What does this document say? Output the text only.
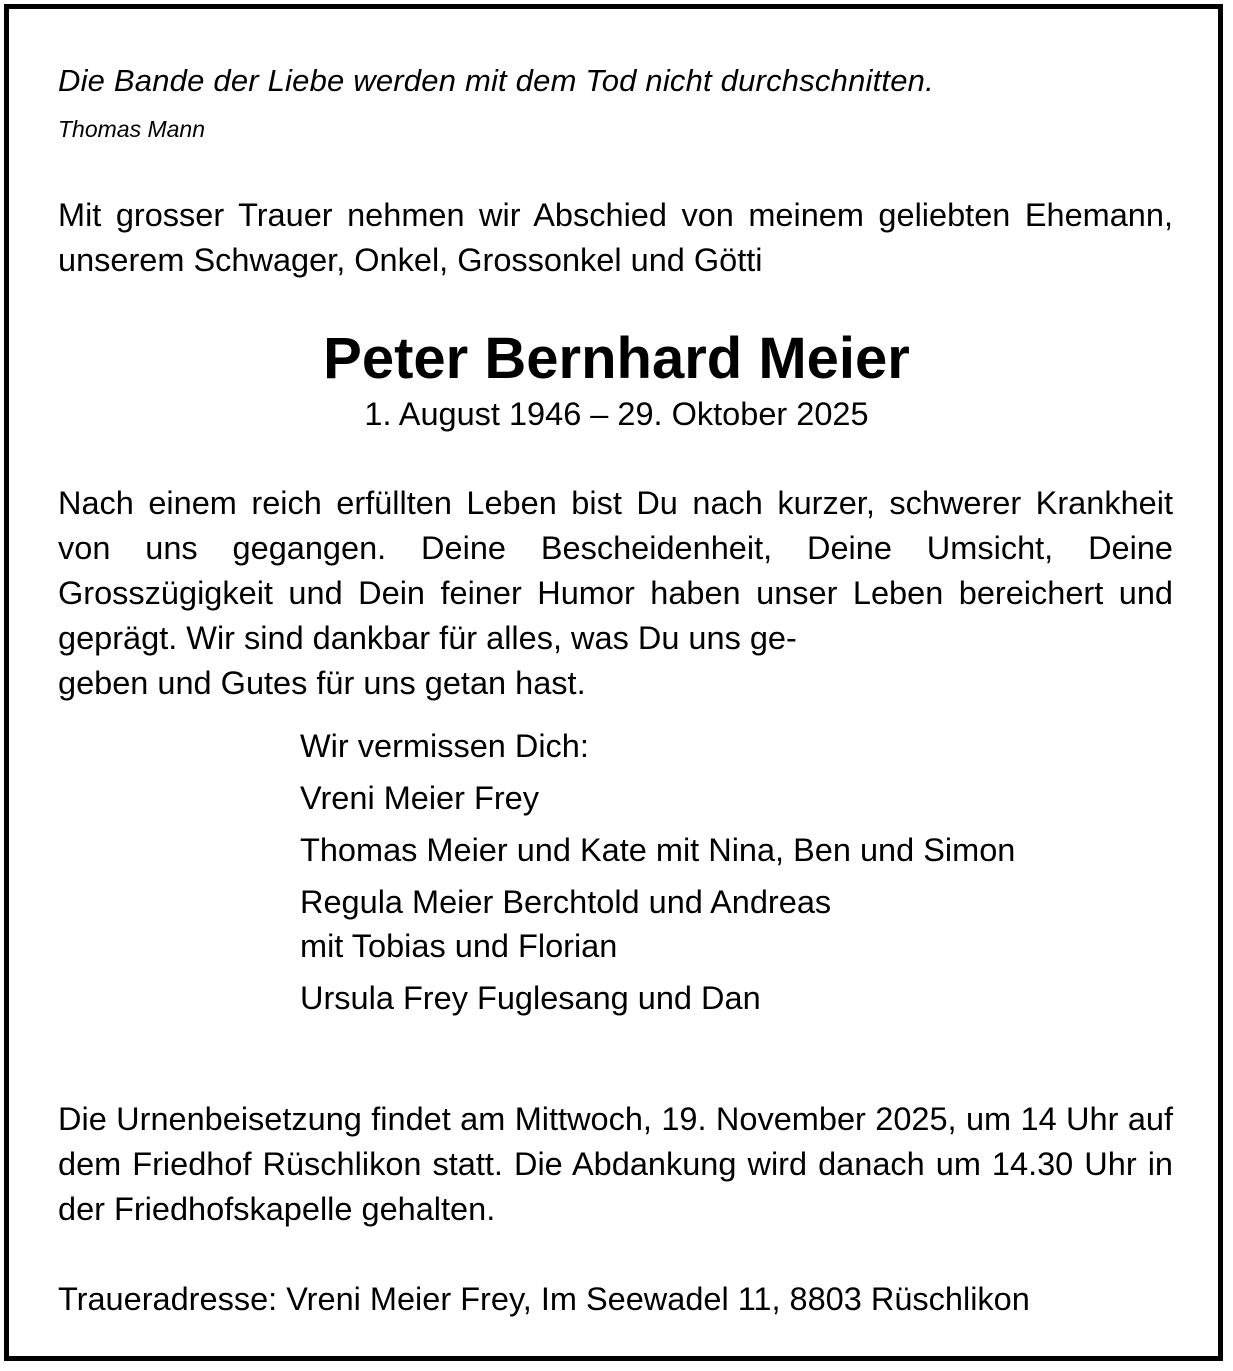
Die Bande der Liebe werden mit dem Tod nicht durchschnitten.

Thomas Mann

Mit grosser Trauer nehmen wir Abschied von meinem geliebten Ehemann, unserem Schwager, Onkel, Grossonkel und Götti

Peter Bernhard Meier

1. August 1946 – 29. Oktober 2025

Nach einem reich erfüllten Leben bist Du nach kurzer, schwerer Krankheit von uns gegangen. Deine Bescheidenheit, Deine Umsicht, Deine Grosszügigkeit und Dein feiner Humor haben unser Leben bereichert und geprägt. Wir sind dankbar für alles, was Du uns ge-
geben und Gutes für uns getan hast.

Wir vermissen Dich:
Vreni Meier Frey
Thomas Meier und Kate mit Nina, Ben und Simon
Regula Meier Berchtold und Andreas
mit Tobias und Florian
Ursula Frey Fuglesang und Dan

Die Urnenbeisetzung findet am Mittwoch, 19. November 2025, um 14 Uhr auf dem Friedhof Rüschlikon statt. Die Abdankung wird danach um 14.30 Uhr in der Friedhofskapelle gehalten.

Traueradresse: Vreni Meier Frey, Im Seewadel 11, 8803 Rüschlikon
